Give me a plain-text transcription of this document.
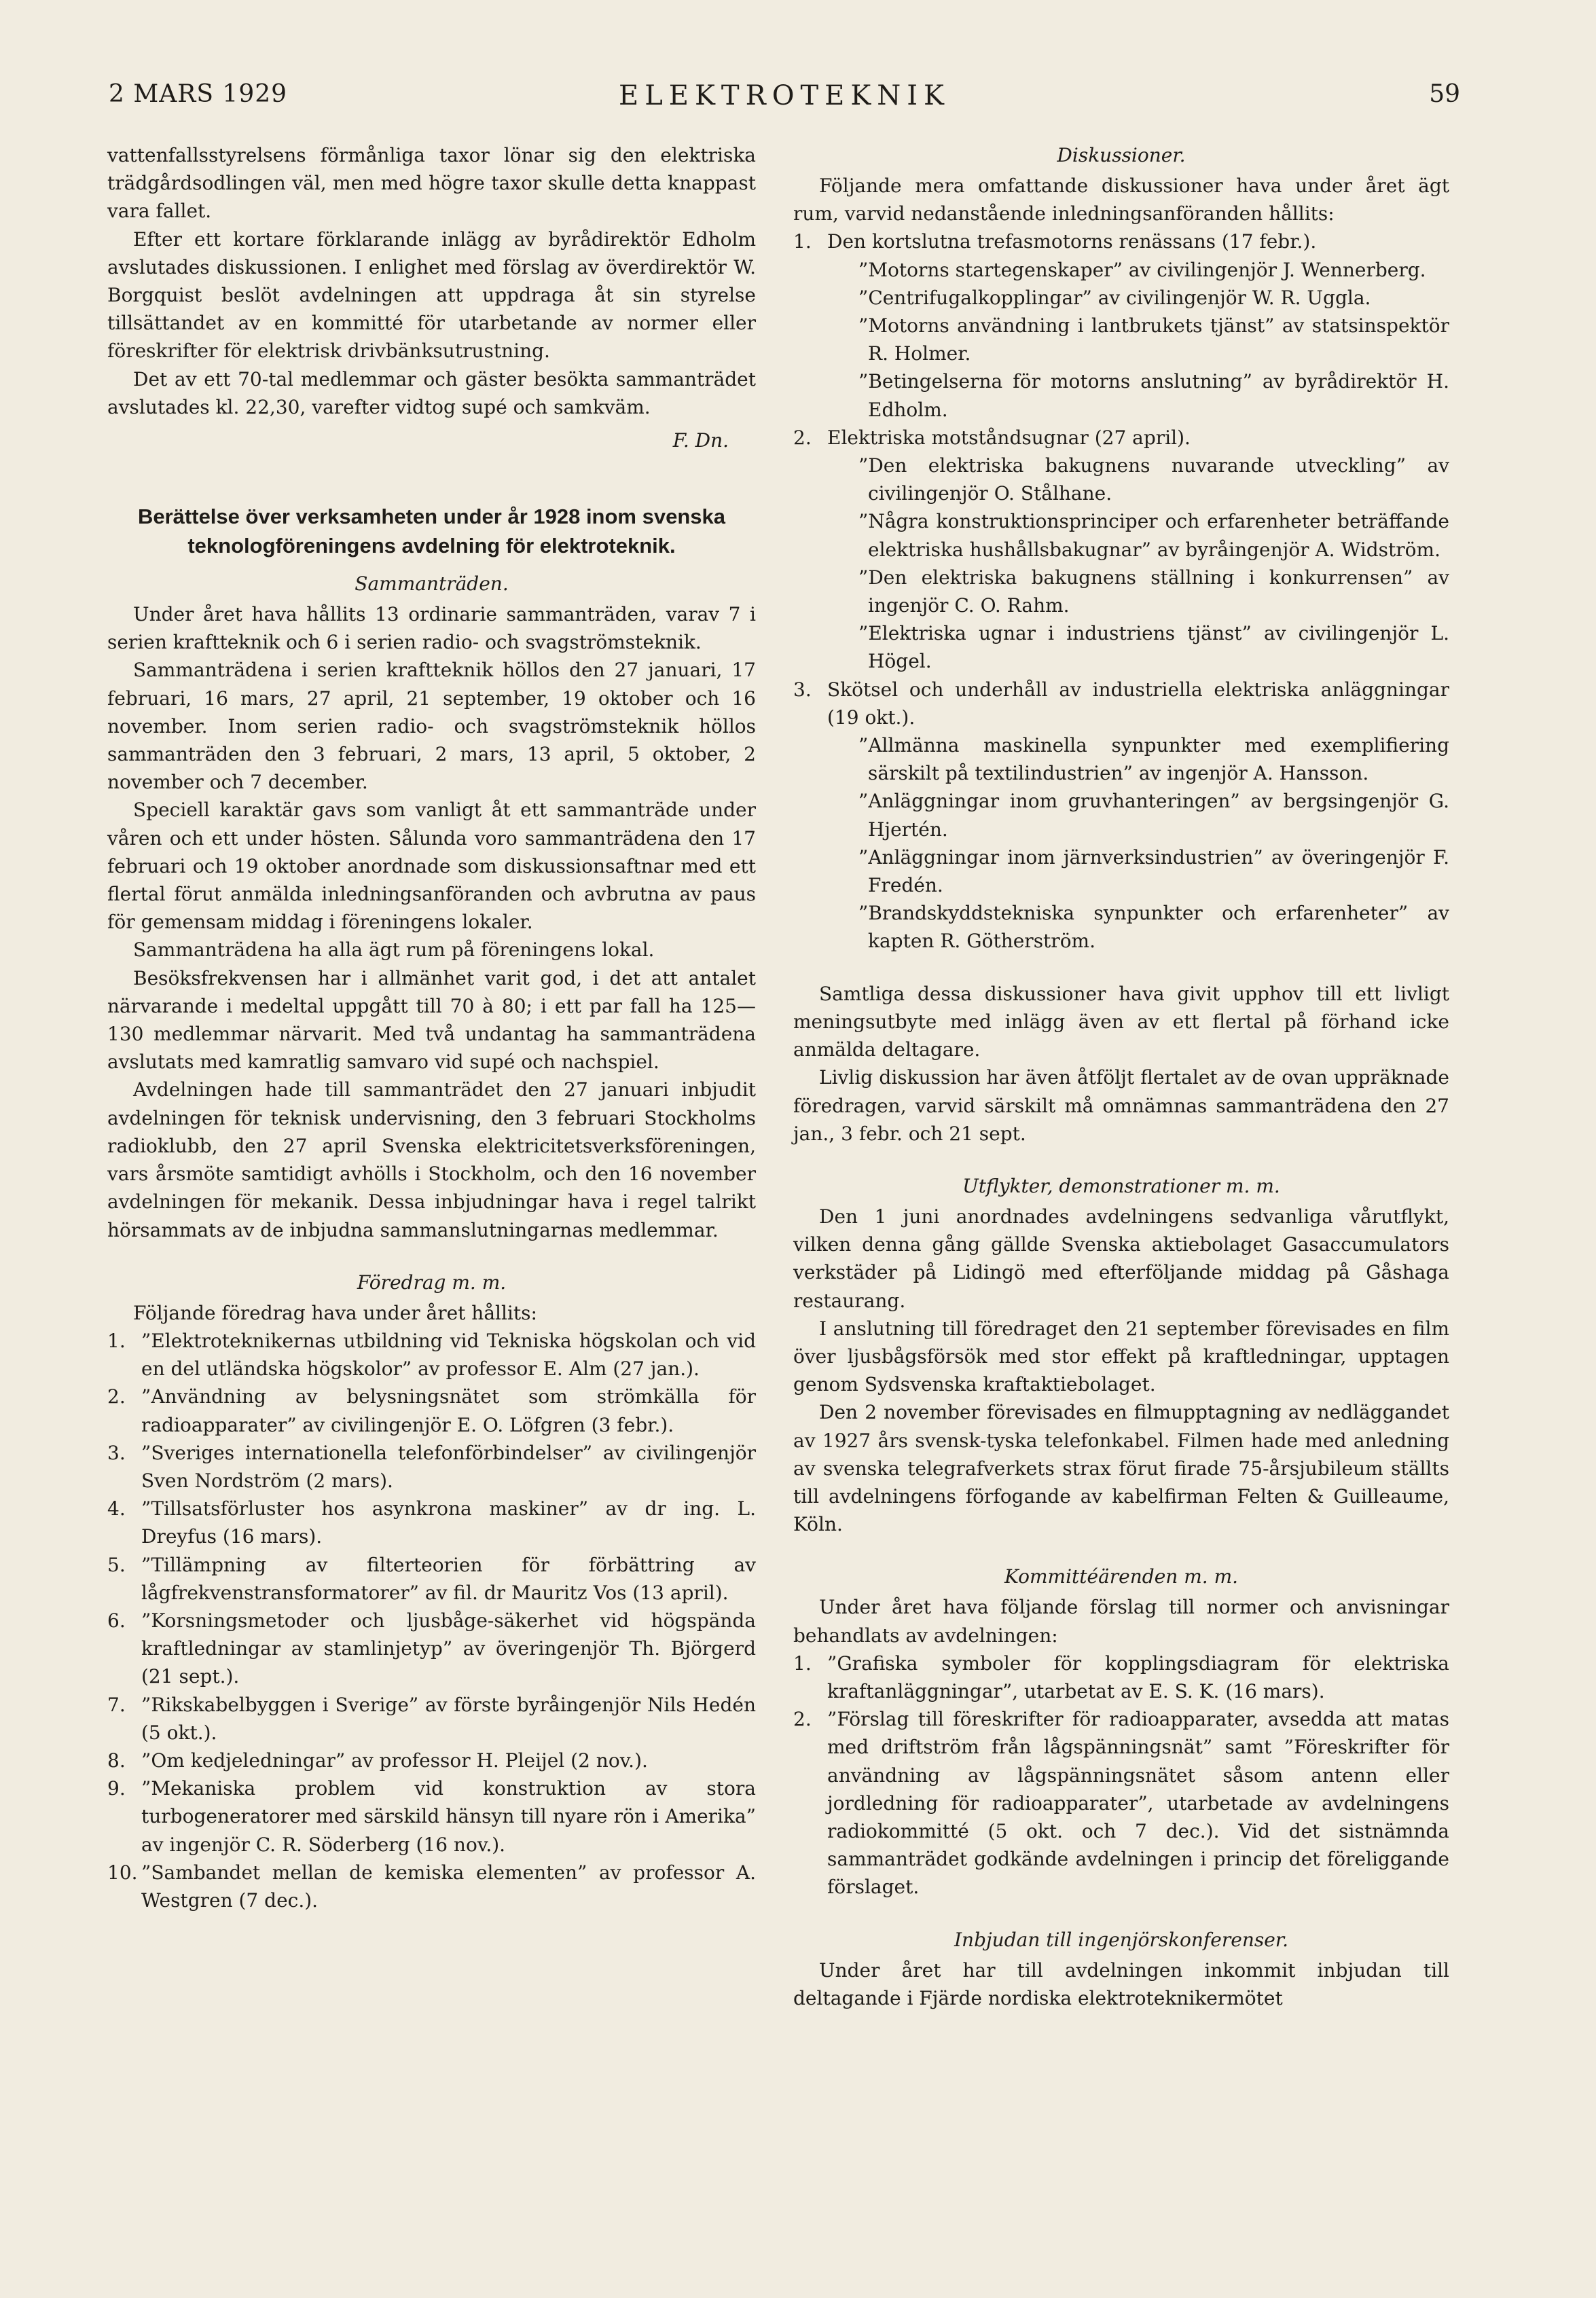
2 MARS 1929	ELEKTROTEKNIK	59

vattenfallsstyrelsens förmånliga taxor lönar sig den elektriska trädgårdsodlingen väl, men med högre taxor skulle detta knappast vara fallet.

Efter ett kortare förklarande inlägg av byrådirektör Edholm avslutades diskussionen. I enlighet med förslag av överdirektör W. Borgquist beslöt avdelningen att uppdraga åt sin styrelse tillsättandet av en kommitté för utarbetande av normer eller föreskrifter för elektrisk drivbänksutrustning.

Det av ett 70-tal medlemmar och gäster besökta sammanträdet avslutades kl. 22,30, varefter vidtog supé och samkväm.

F. Dn.
Berättelse över verksamheten under år 1928 inom svenska teknologföreningens avdelning för elektroteknik.
Sammanträden.

Under året hava hållits 13 ordinarie sammanträden, varav 7 i serien kraftteknik och 6 i serien radio- och svagströmsteknik.

Sammanträdena i serien kraftteknik höllos den 27 januari, 17 februari, 16 mars, 27 april, 21 september, 19 oktober och 16 november. Inom serien radio- och svagströmsteknik höllos sammanträden den 3 februari, 2 mars, 13 april, 5 oktober, 2 november och 7 december.

Speciell karaktär gavs som vanligt åt ett sammanträde under våren och ett under hösten. Sålunda voro sammanträdena den 17 februari och 19 oktober anordnade som diskussionsaftnar med ett flertal förut anmälda inledningsanföranden och avbrutna av paus för gemensam middag i föreningens lokaler.

Sammanträdena ha alla ägt rum på föreningens lokal.

Besöksfrekvensen har i allmänhet varit god, i det att antalet närvarande i medeltal uppgått till 70 à 80; i ett par fall ha 125—130 medlemmar närvarit. Med två undantag ha sammanträdena avslutats med kamratlig samvaro vid supé och nachspiel.

Avdelningen hade till sammanträdet den 27 januari inbjudit avdelningen för teknisk undervisning, den 3 februari Stockholms radioklubb, den 27 april Svenska elektricitetsverksföreningen, vars årsmöte samtidigt avhölls i Stockholm, och den 16 november avdelningen för mekanik. Dessa inbjudningar hava i regel talrikt hörsammats av de inbjudna sammanslutningarnas medlemmar.

Föredrag m. m.

Följande föredrag hava under året hållits:

1. ”Elektroteknikernas utbildning vid Tekniska högskolan och vid en del utländska högskolor” av professor E. Alm (27 jan.).
2. ”Användning av belysningsnätet som strömkälla för radioapparater” av civilingenjör E. O. Löfgren (3 febr.).
3. ”Sveriges internationella telefonförbindelser” av civilingenjör Sven Nordström (2 mars).
4. ”Tillsatsförluster hos asynkrona maskiner” av dr ing. L. Dreyfus (16 mars).
5. ”Tillämpning av filterteorien för förbättring av lågfrekvenstransformatorer” av fil. dr Mauritz Vos (13 april).
6. ”Korsningsmetoder och ljusbåge-säkerhet vid högspända kraftledningar av stamlinjetyp” av överingenjör Th. Björgerd (21 sept.).
7. ”Rikskabelbyggen i Sverige” av förste byråingenjör Nils Hedén (5 okt.).
8. ”Om kedjeledningar” av professor H. Pleijel (2 nov.).
9. ”Mekaniska problem vid konstruktion av stora turbogeneratorer med särskild hänsyn till nyare rön i Amerika” av ingenjör C. R. Söderberg (16 nov.).
10. ”Sambandet mellan de kemiska elementen” av professor A. Westgren (7 dec.).
Diskussioner.

Följande mera omfattande diskussioner hava under året ägt rum, varvid nedanstående inledningsanföranden hållits:

1. Den kortslutna trefasmotorns renässans (17 febr.).
”Motorns startegenskaper” av civilingenjör J. Wennerberg.
”Centrifugalkopplingar” av civilingenjör W. R. Uggla.
”Motorns användning i lantbrukets tjänst” av statsinspektör R. Holmer.
”Betingelserna för motorns anslutning” av byrådirektör H. Edholm.
2. Elektriska motståndsugnar (27 april).
”Den elektriska bakugnens nuvarande utveckling” av civilingenjör O. Stålhane.
”Några konstruktionsprinciper och erfarenheter beträffande elektriska hushållsbakugnar” av byråingenjör A. Widström.
”Den elektriska bakugnens ställning i konkurrensen” av ingenjör C. O. Rahm.
”Elektriska ugnar i industriens tjänst” av civilingenjör L. Högel.
3. Skötsel och underhåll av industriella elektriska anläggningar (19 okt.).
”Allmänna maskinella synpunkter med exemplifiering särskilt på textilindustrien” av ingenjör A. Hansson.
”Anläggningar inom gruvhanteringen” av bergsingenjör G. Hjertén.
”Anläggningar inom järnverksindustrien” av överingenjör F. Fredén.
”Brandskyddstekniska synpunkter och erfarenheter” av kapten R. Götherström.

Samtliga dessa diskussioner hava givit upphov till ett livligt meningsutbyte med inlägg även av ett flertal på förhand icke anmälda deltagare.

Livlig diskussion har även åtföljt flertalet av de ovan uppräknade föredragen, varvid särskilt må omnämnas sammanträdena den 27 jan., 3 febr. och 21 sept.

Utflykter, demonstrationer m. m.

Den 1 juni anordnades avdelningens sedvanliga vårutflykt, vilken denna gång gällde Svenska aktiebolaget Gasaccumulators verkstäder på Lidingö med efterföljande middag på Gåshaga restaurang.

I anslutning till föredraget den 21 september förevisades en film över ljusbågsförsök med stor effekt på kraftledningar, upptagen genom Sydsvenska kraftaktiebolaget.

Den 2 november förevisades en filmupptagning av nedläggandet av 1927 års svensk-tyska telefonkabel. Filmen hade med anledning av svenska telegrafverkets strax förut firade 75-årsjubileum ställts till avdelningens förfogande av kabelfirman Felten & Guilleaume, Köln.

Kommittéärenden m. m.

Under året hava följande förslag till normer och anvisningar behandlats av avdelningen:

1. ”Grafiska symboler för kopplingsdiagram för elektriska kraftanläggningar”, utarbetat av E. S. K. (16 mars).
2. ”Förslag till föreskrifter för radioapparater, avsedda att matas med driftström från lågspänningsnät” samt ”Föreskrifter för användning av lågspänningsnätet såsom antenn eller jordledning för radioapparater”, utarbetade av avdelningens radiokommitté (5 okt. och 7 dec.). Vid det sistnämnda sammanträdet godkände avdelningen i princip det föreliggande förslaget.
Inbjudan till ingenjörskonferenser.

Under året har till avdelningen inkommit inbjudan till deltagande i Fjärde nordiska elektroteknikermötet
